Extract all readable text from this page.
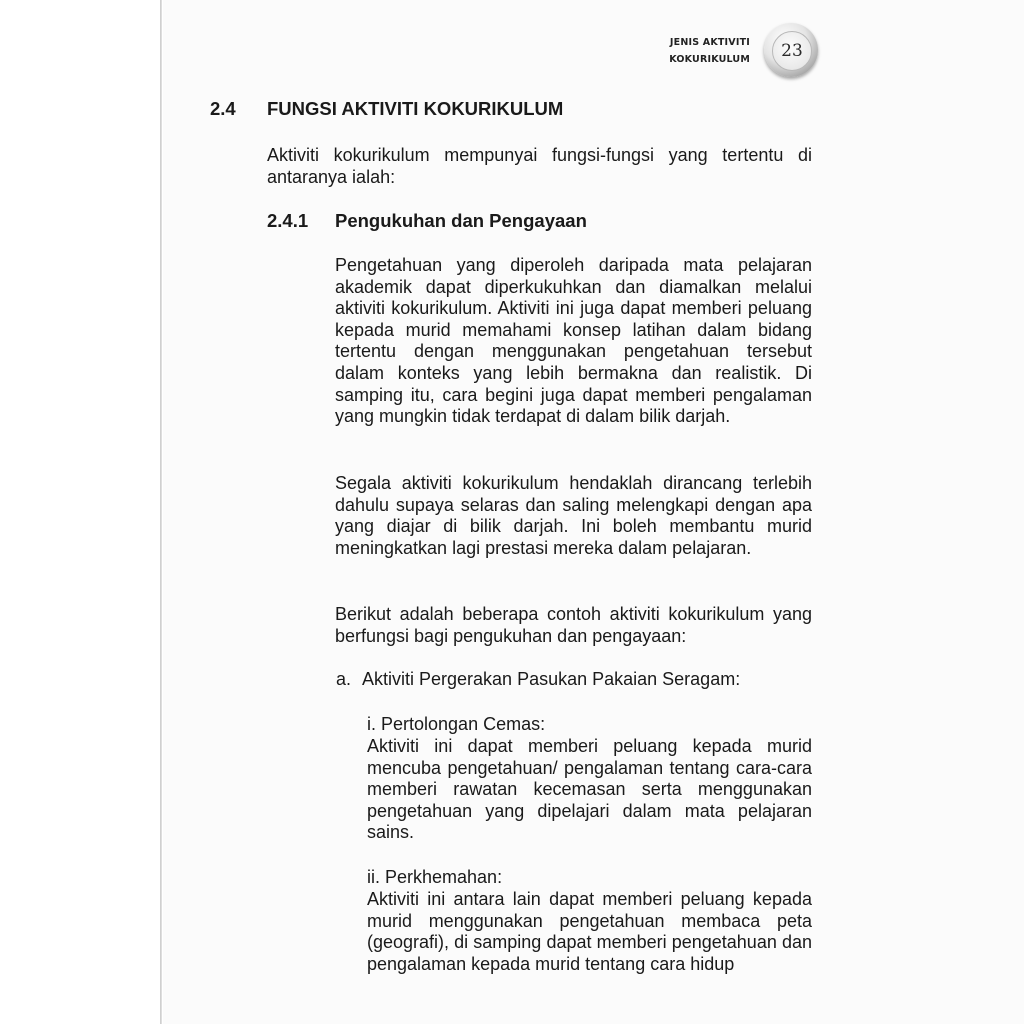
JENIS AKTIVITI
KOKURIKULUM	23
2.4 FUNGSI AKTIVITI KOKURIKULUM
Aktiviti kokurikulum mempunyai fungsi-fungsi yang tertentu di antaranya ialah:
2.4.1 Pengukuhan dan Pengayaan
Pengetahuan yang diperoleh daripada mata pelajaran akademik dapat diperkukuhkan dan diamalkan melalui aktiviti kokurikulum. Aktiviti ini juga dapat memberi peluang kepada murid memahami konsep latihan dalam bidang tertentu dengan menggunakan pengetahuan tersebut dalam konteks yang lebih bermakna dan realistik. Di samping itu, cara begini juga dapat memberi pengalaman yang mungkin tidak terdapat di dalam bilik darjah.
Segala aktiviti kokurikulum hendaklah dirancang terlebih dahulu supaya selaras dan saling melengkapi dengan apa yang diajar di bilik darjah. Ini boleh membantu murid meningkatkan lagi prestasi mereka dalam pelajaran.
Berikut adalah beberapa contoh aktiviti kokurikulum yang berfungsi bagi pengukuhan dan pengayaan:
a. Aktiviti Pergerakan Pasukan Pakaian Seragam:
i. Pertolongan Cemas:
Aktiviti ini dapat memberi peluang kepada murid mencuba pengetahuan/ pengalaman tentang cara-cara memberi rawatan kecemasan serta menggunakan pengetahuan yang dipelajari dalam mata pelajaran sains.
ii. Perkhemahan:
Aktiviti ini antara lain dapat memberi peluang kepada murid menggunakan pengetahuan membaca peta (geografi), di samping dapat memberi pengetahuan dan pengalaman kepada murid tentang cara hidup
